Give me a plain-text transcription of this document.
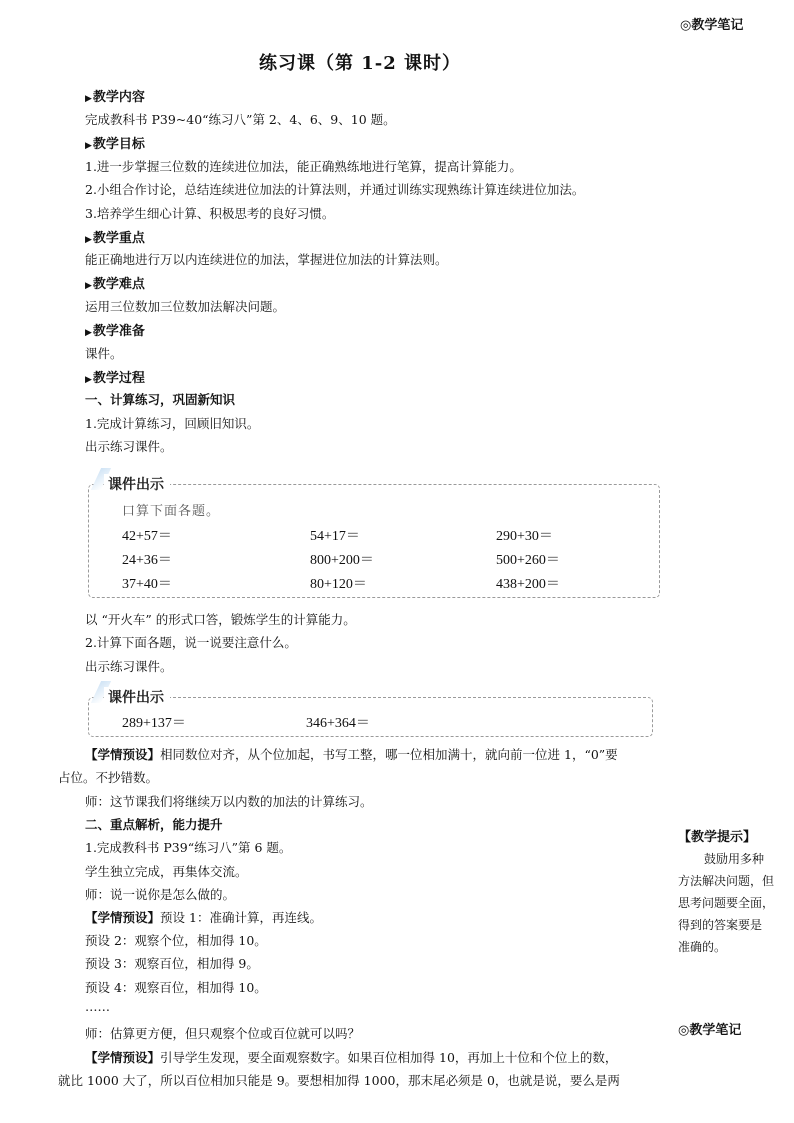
◎教学笔记
练习课（第 1-2 课时）
▶教学内容
完成教科书 P39~40“练习八”第 2、4、6、9、10 题。
▶教学目标
1.进一步掌握三位数的连续进位加法，能正确熟练地进行笔算，提高计算能力。
2.小组合作讨论，总结连续进位加法的计算法则，并通过训练实现熟练计算连续进位加法。
3.培养学生细心计算、积极思考的良好习惯。
▶教学重点
能正确地进行万以内连续进位的加法，掌握进位加法的计算法则。
▶教学难点
运用三位数加三位数加法解决问题。
▶教学准备
课件。
▶教学过程
一、计算练习，巩固新知识
1.完成计算练习，回顾旧知识。
出示练习课件。
课件出示
口算下面各题。
42+57＝	54+17＝	290+30＝
24+36＝	800+200＝	500+260＝
37+40＝	80+120＝	438+200＝
以 “开火车” 的形式口答，锻炼学生的计算能力。
2.计算下面各题，说一说要注意什么。
出示练习课件。
课件出示
289+137＝	346+364＝
【学情预设】相同数位对齐，从个位加起，书写工整，哪一位相加满十，就向前一位进 1，“0”要
占位。不抄错数。
师：这节课我们将继续万以内数的加法的计算练习。
二、重点解析，能力提升
1.完成教科书 P39“练习八”第 6 题。
学生独立完成，再集体交流。
师：说一说你是怎么做的。
【学情预设】预设 1：准确计算，再连线。
预设 2：观察个位，相加得 10。
预设 3：观察百位，相加得 9。
预设 4：观察百位，相加得 10。
……
师：估算更方便，但只观察个位或百位就可以吗？
【学情预设】引导学生发现，要全面观察数字。如果百位相加得 10，再加上十位和个位上的数，
就比 1000 大了，所以百位相加只能是 9。要想相加得 1000，那末尾必须是 0，也就是说，要么是两
【教学提示】
鼓励用多种
方法解决问题，但
思考问题要全面，
得到的答案要是
准确的。
◎教学笔记
